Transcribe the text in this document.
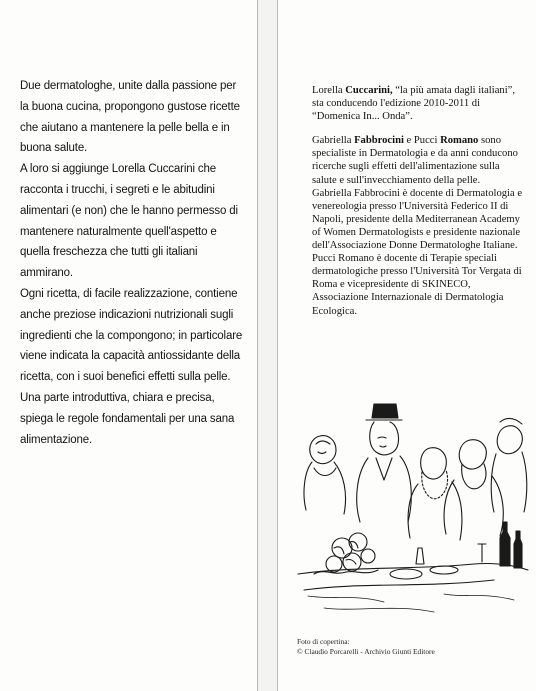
Due dermatologhe, unite dalla passione per la buona cucina, propongono gustose ricette che aiutano a mantenere la pelle bella e in buona salute.

A loro si aggiunge Lorella Cuccarini che racconta i trucchi, i segreti e le abitudini alimentari (e non) che le hanno permesso di mantenere naturalmente quell'aspetto e quella freschezza che tutti gli italiani ammirano.

Ogni ricetta, di facile realizzazione, contiene anche preziose indicazioni nutrizionali sugli ingredienti che la compongono; in particolare viene indicata la capacità antiossidante della ricetta, con i suoi benefici effetti sulla pelle.

Una parte introduttiva, chiara e precisa, spiega le regole fondamentali per una sana alimentazione.

Lorella Cuccarini, “la più amata dagli italiani”, sta conducendo l'edizione 2010-2011 di “Domenica In... Onda”.

Gabriella Fabbrocini e Pucci Romano sono specialiste in Dermatologia e da anni conducono ricerche sugli effetti dell'alimentazione sulla salute e sull'invecchiamento della pelle.

Gabriella Fabbrocini è docente di Dermatologia e venereologia presso l'Università Federico II di Napoli, presidente della Mediterranean Academy of Women Dermatologists e presidente nazionale dell'Associazione Donne Dermatologhe Italiane.

Pucci Romano è docente di Terapie speciali dermatologiche presso l'Università Tor Vergata di Roma e vicepresidente di SKINECO, Associazione Internazionale di Dermatologia Ecologica.

Foto di copertina:
© Claudio Porcarelli - Archivio Giunti Editore
